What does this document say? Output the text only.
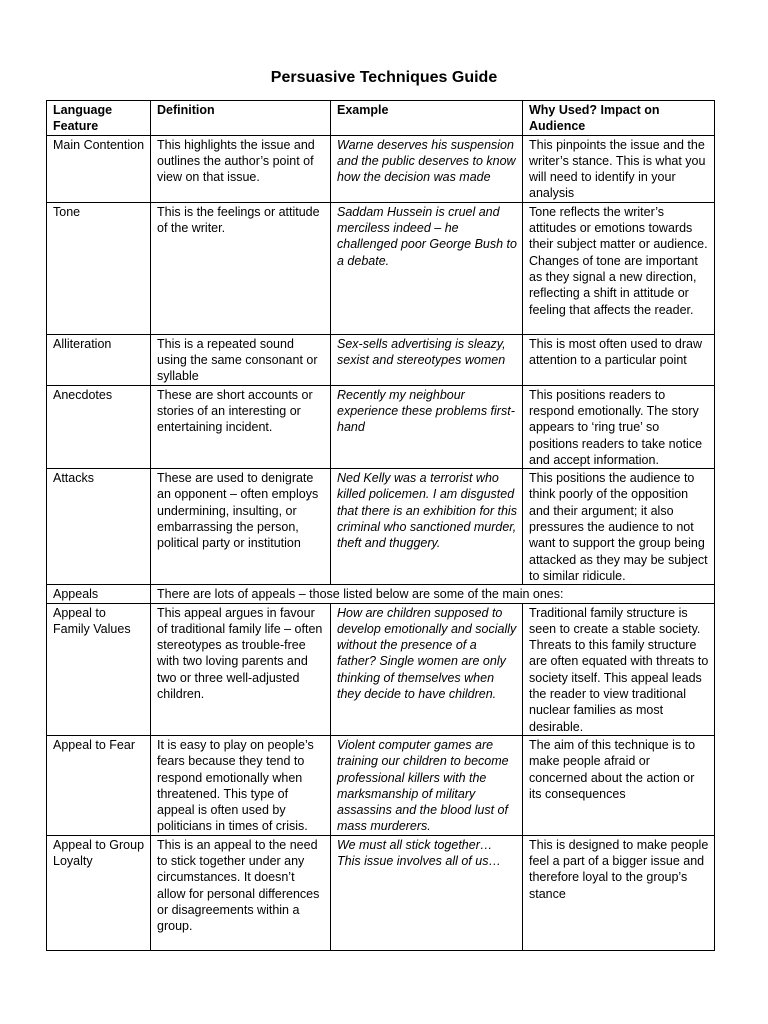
Persuasive Techniques Guide
Language Feature	Definition	Example	Why Used? Impact on Audience
Main Contention	This highlights the issue and outlines the author’s point of view on that issue.	Warne deserves his suspension and the public deserves to know how the decision was made	This pinpoints the issue and the writer’s stance. This is what you will need to identify in your analysis
Tone	This is the feelings or attitude of the writer.	Saddam Hussein is cruel and merciless indeed – he challenged poor George Bush to a debate.	Tone reflects the writer’s attitudes or emotions towards their subject matter or audience. Changes of tone are important as they signal a new direction, reflecting a shift in attitude or feeling that affects the reader.
Alliteration	This is a repeated sound using the same consonant or syllable	Sex-sells advertising is sleazy, sexist and stereotypes women	This is most often used to draw attention to a particular point
Anecdotes	These are short accounts or stories of an interesting or entertaining incident.	Recently my neighbour experience these problems first-hand	This positions readers to respond emotionally. The story appears to ‘ring true’ so positions readers to take notice and accept information.
Attacks	These are used to denigrate an opponent – often employs undermining, insulting, or embarrassing the person, political party or institution	Ned Kelly was a terrorist who killed policemen. I am disgusted that there is an exhibition for this criminal who sanctioned murder, theft and thuggery.	This positions the audience to think poorly of the opposition and their argument; it also pressures the audience to not want to support the group being attacked as they may be subject to similar ridicule.
Appeals	There are lots of appeals – those listed below are some of the main ones:		
Appeal to Family Values	This appeal argues in favour of traditional family life – often stereotypes as trouble-free with two loving parents and two or three well-adjusted children.	How are children supposed to develop emotionally and socially without the presence of a father? Single women are only thinking of themselves when they decide to have children.	Traditional family structure is seen to create a stable society. Threats to this family structure are often equated with threats to society itself. This appeal leads the reader to view traditional nuclear families as most desirable.
Appeal to Fear	It is easy to play on people’s fears because they tend to respond emotionally when threatened. This type of appeal is often used by politicians in times of crisis.	Violent computer games are training our children to become professional killers with the marksmanship of military assassins and the blood lust of mass murderers.	The aim of this technique is to make people afraid or concerned about the action or its consequences
Appeal to Group Loyalty	This is an appeal to the need to stick together under any circumstances. It doesn’t allow for personal differences or disagreements within a group.	We must all stick together… This issue involves all of us…	This is designed to make people feel a part of a bigger issue and therefore loyal to the group’s stance
